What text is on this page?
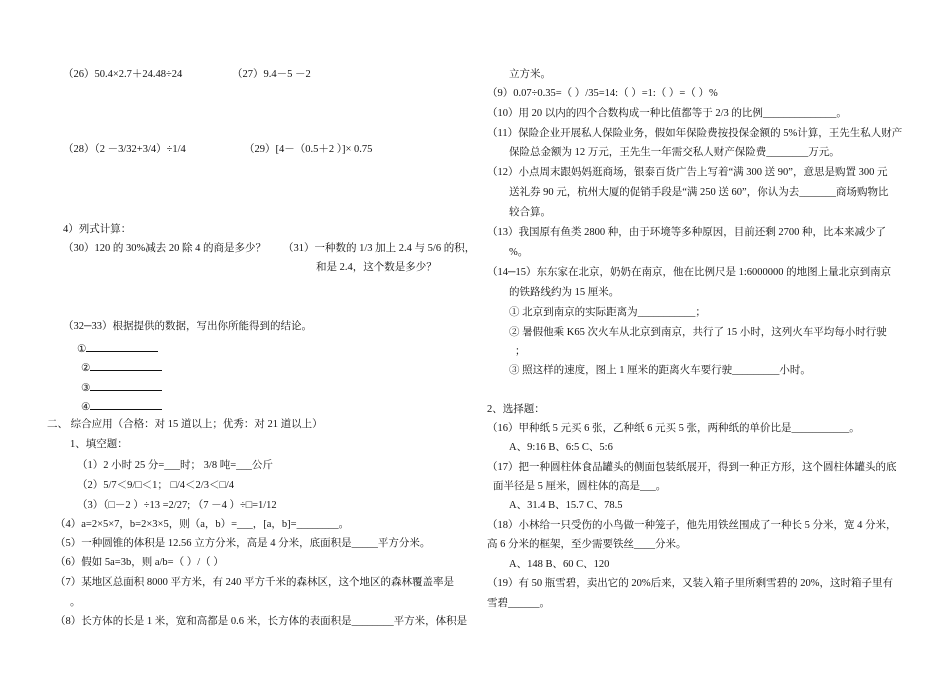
（26）50.4×2.7＋24.48÷24	（27）9.4－5 －2
（28）（2 －3/32+3/4）÷1/4	（29）[4－（0.5＋2 ）]× 0.75
4）列式计算：
（30）120 的 30%减去 20 除 4 的商是多少？ （31）一种数的 1/3 加上 2.4 与 5/6 的积，
和是 2.4，这个数是多少？
（32─33）根据提供的数据，写出你所能得到的结论。
①
②
③
④
二、 综合应用（合格：对 15 道以上；优秀：对 21 道以上）
1、填空题：
（1）2 小时 25 分=___时； 3/8 吨=___公斤
（2）5/7＜9/□＜1； □/4＜2/3＜□/4
（3）（□－2 ）÷13 =2/27; （7 －4 ）÷□=1/12
（4）a=2×5×7，b=2×3×5，则（a，b）=___，[a，b]=________。
（5）一种圆锥的体积是 12.56 立方分米，高是 4 分米，底面积是_____平方分米。
（6）假如 5a=3b，则 a/b=（ ）/（ ）
（7）某地区总面积 8000 平方米，有 240 平方千米的森林区，这个地区的森林覆盖率是
。
（8）长方体的长是 1 米，宽和高都是 0.6 米，长方体的表面积是________平方米，体积是
立方米。
（9）0.07÷0.35=（ ）/35=14:（ ）=1:（ ）=（ ）%
（10）用 20 以内的四个合数构成一种比值都等于 2/3 的比例______________。
（11）保险企业开展私人保险业务，假如年保险费按投保金额的 5%计算，王先生私人财产
保险总金额为 12 万元，王先生一年需交私人财产保险费________万元。
（12）小点周末跟妈妈逛商场，银泰百货广告上写着“满 300 送 90”，意思是购置 300 元
送礼券 90 元，杭州大厦的促销手段是“满 250 送 60”，你认为去_______商场购物比
较合算。
（13）我国原有鱼类 2800 种，由于环境等多种原因，目前还剩 2700 种，比本来减少了
%。
（14─15）东东家在北京，奶奶在南京，他在比例尺是 1:6000000 的地图上量北京到南京
的铁路线约为 15 厘米。
① 北京到南京的实际距离为___________；
② 暑假他乘 K65 次火车从北京到南京，共行了 15 小时，这列火车平均每小时行驶
；
③ 照这样的速度，图上 1 厘米的距离火车要行驶_________小时。
2、选择题：
（16）甲种纸 5 元买 6 张，乙种纸 6 元买 5 张，两种纸的单价比是___________。
A、9:16 B、6:5 C、5:6
（17）把一种圆柱体食品罐头的侧面包装纸展开，得到一种正方形，这个圆柱体罐头的底
面半径是 5 厘米，圆柱体的高是___。
A、31.4 B、15.7 C、78.5
（18）小林给一只受伤的小鸟做一种笼子，他先用铁丝围成了一种长 5 分米，宽 4 分米，
高 6 分米的框架，至少需要铁丝____分米。
A、148 B、60 C、120
（19）有 50 瓶雪碧，卖出它的 20%后来，又装入箱子里所剩雪碧的 20%，这时箱子里有
雪碧______。
